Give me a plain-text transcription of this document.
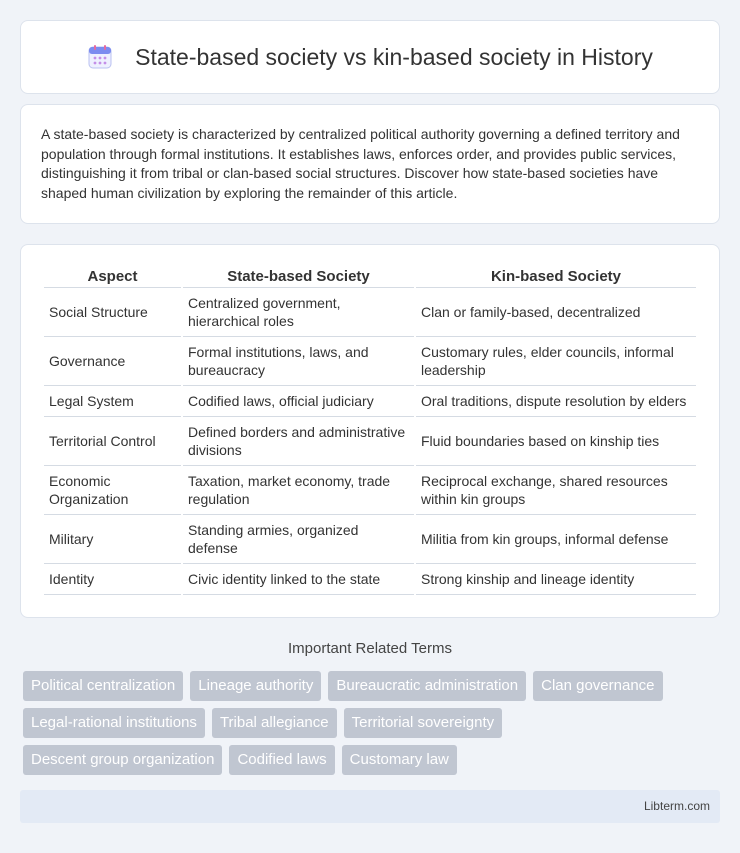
State-based society vs kin-based society in History

A state-based society is characterized by centralized political authority governing a defined territory and population through formal institutions. It establishes laws, enforces order, and provides public services, distinguishing it from tribal or clan-based social structures. Discover how state-based societies have shaped human civilization by exploring the remainder of this article.

Aspect	State-based Society	Kin-based Society
Social Structure	Centralized government, hierarchical roles	Clan or family-based, decentralized
Governance	Formal institutions, laws, and bureaucracy	Customary rules, elder councils, informal leadership
Legal System	Codified laws, official judiciary	Oral traditions, dispute resolution by elders
Territorial Control	Defined borders and administrative divisions	Fluid boundaries based on kinship ties
Economic Organization	Taxation, market economy, trade regulation	Reciprocal exchange, shared resources within kin groups
Military	Standing armies, organized defense	Militia from kin groups, informal defense
Identity	Civic identity linked to the state	Strong kinship and lineage identity
Important Related Terms
Political centralization	Lineage authority	Bureaucratic administration	Clan governance
Legal-rational institutions	Tribal allegiance	Territorial sovereignty
Descent group organization	Codified laws	Customary law
Libterm.com
